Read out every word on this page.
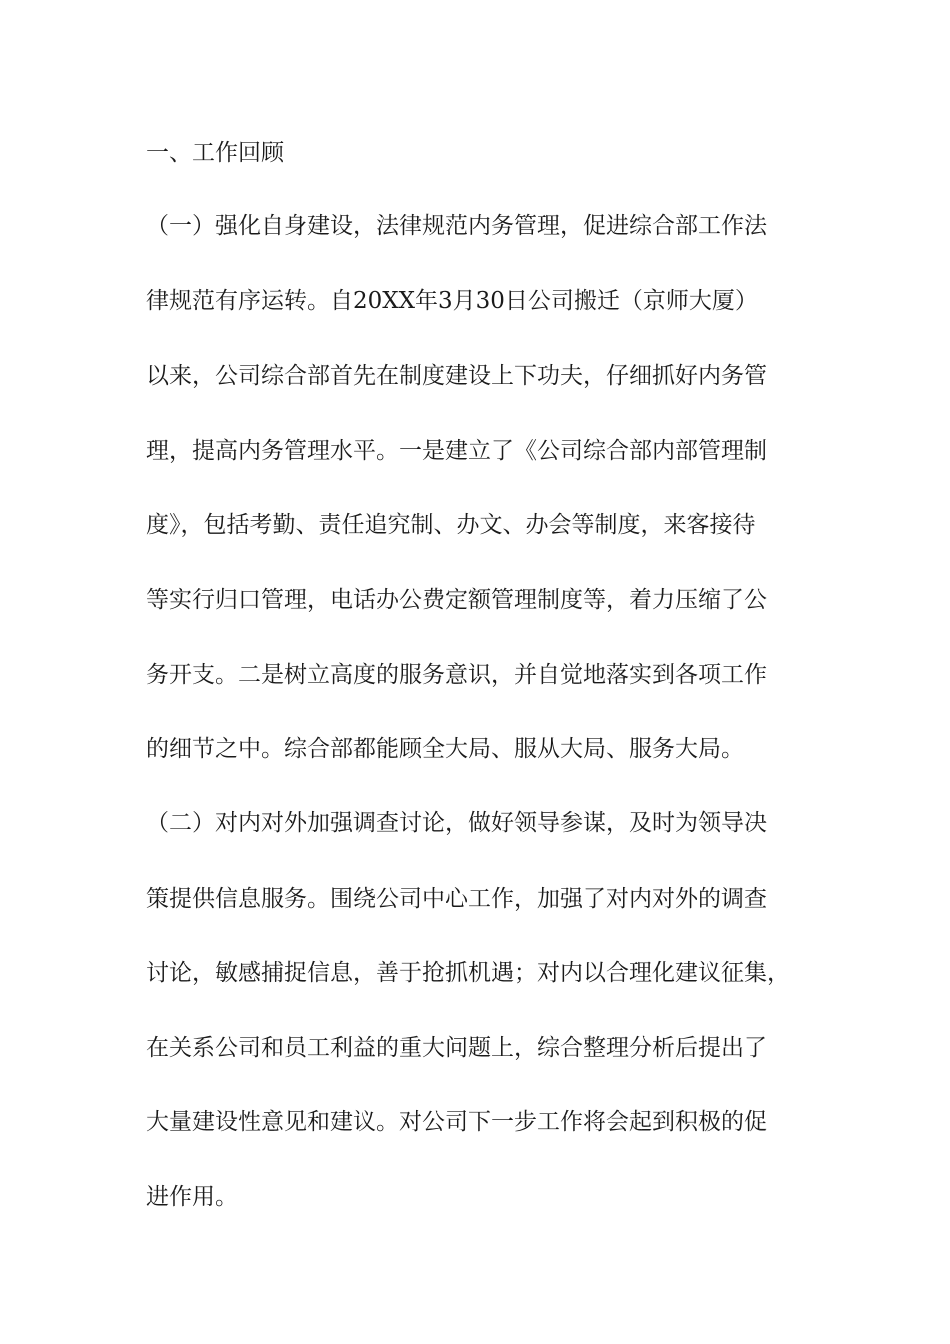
一、工作回顾
（一）强化自身建设，法律规范内务管理，促进综合部工作法
律规范有序运转。自20XX年3月30日公司搬迁（京师大厦）
以来，公司综合部首先在制度建设上下功夫，仔细抓好内务管
理，提高内务管理水平。一是建立了《公司综合部内部管理制
度》，包括考勤、责任追究制、办文、办会等制度，来客接待
等实行归口管理，电话办公费定额管理制度等，着力压缩了公
务开支。二是树立高度的服务意识，并自觉地落实到各项工作
的细节之中。综合部都能顾全大局、服从大局、服务大局。
（二）对内对外加强调查讨论，做好领导参谋，及时为领导决
策提供信息服务。围绕公司中心工作，加强了对内对外的调查
讨论，敏感捕捉信息，善于抢抓机遇；对内以合理化建议征集，
在关系公司和员工利益的重大问题上，综合整理分析后提出了
大量建设性意见和建议。对公司下一步工作将会起到积极的促
进作用。
